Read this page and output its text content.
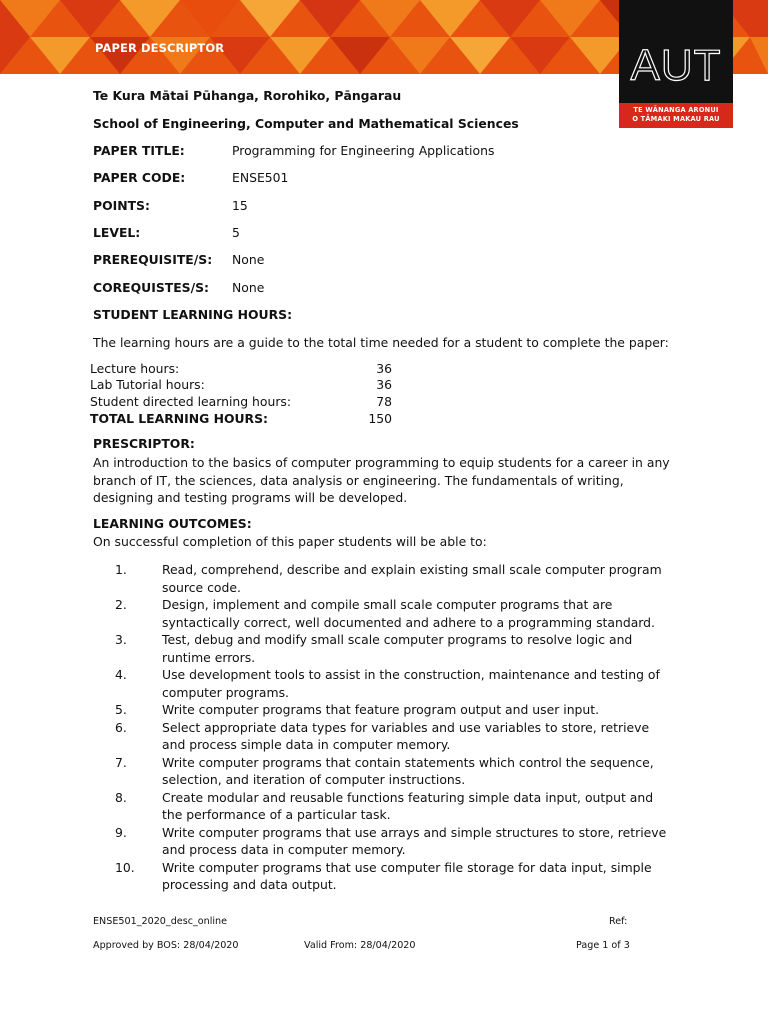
PAPER DESCRIPTOR	AUT
TE WĀNANGA ARONUI
O TĀMAKI MAKAU RAU
Te Kura Mātai Pūhanga, Rorohiko, Pāngarau
School of Engineering, Computer and Mathematical Sciences
PAPER TITLE:	Programming for Engineering Applications
PAPER CODE:	ENSE501
POINTS:	15
LEVEL:	5
PREREQUISITE/S: None
COREQUISTES/S: None
STUDENT LEARNING HOURS:
The learning hours are a guide to the total time needed for a student to complete the paper:
Lecture hours:	36
Lab Tutorial hours:	36
Student directed learning hours:	78
TOTAL LEARNING HOURS:	150
PRESCRIPTOR:
An introduction to the basics of computer programming to equip students for a career in any branch of IT, the sciences, data analysis or engineering. The fundamentals of writing, designing and testing programs will be developed.
LEARNING OUTCOMES:
On successful completion of this paper students will be able to:
1.	Read, comprehend, describe and explain existing small scale computer program source code.
2.	Design, implement and compile small scale computer programs that are syntactically correct, well documented and adhere to a programming standard.
3.	Test, debug and modify small scale computer programs to resolve logic and runtime errors.
4.	Use development tools to assist in the construction, maintenance and testing of computer programs.
5.	Write computer programs that feature program output and user input.
6.	Select appropriate data types for variables and use variables to store, retrieve and process simple data in computer memory.
7.	Write computer programs that contain statements which control the sequence, selection, and iteration of computer instructions.
8.	Create modular and reusable functions featuring simple data input, output and the performance of a particular task.
9.	Write computer programs that use arrays and simple structures to store, retrieve and process data in computer memory.
10.	Write computer programs that use computer file storage for data input, simple processing and data output.
ENSE501_2020_desc_online	Ref:
Approved by BOS: 28/04/2020	Valid From: 28/04/2020	Page 1 of 3
